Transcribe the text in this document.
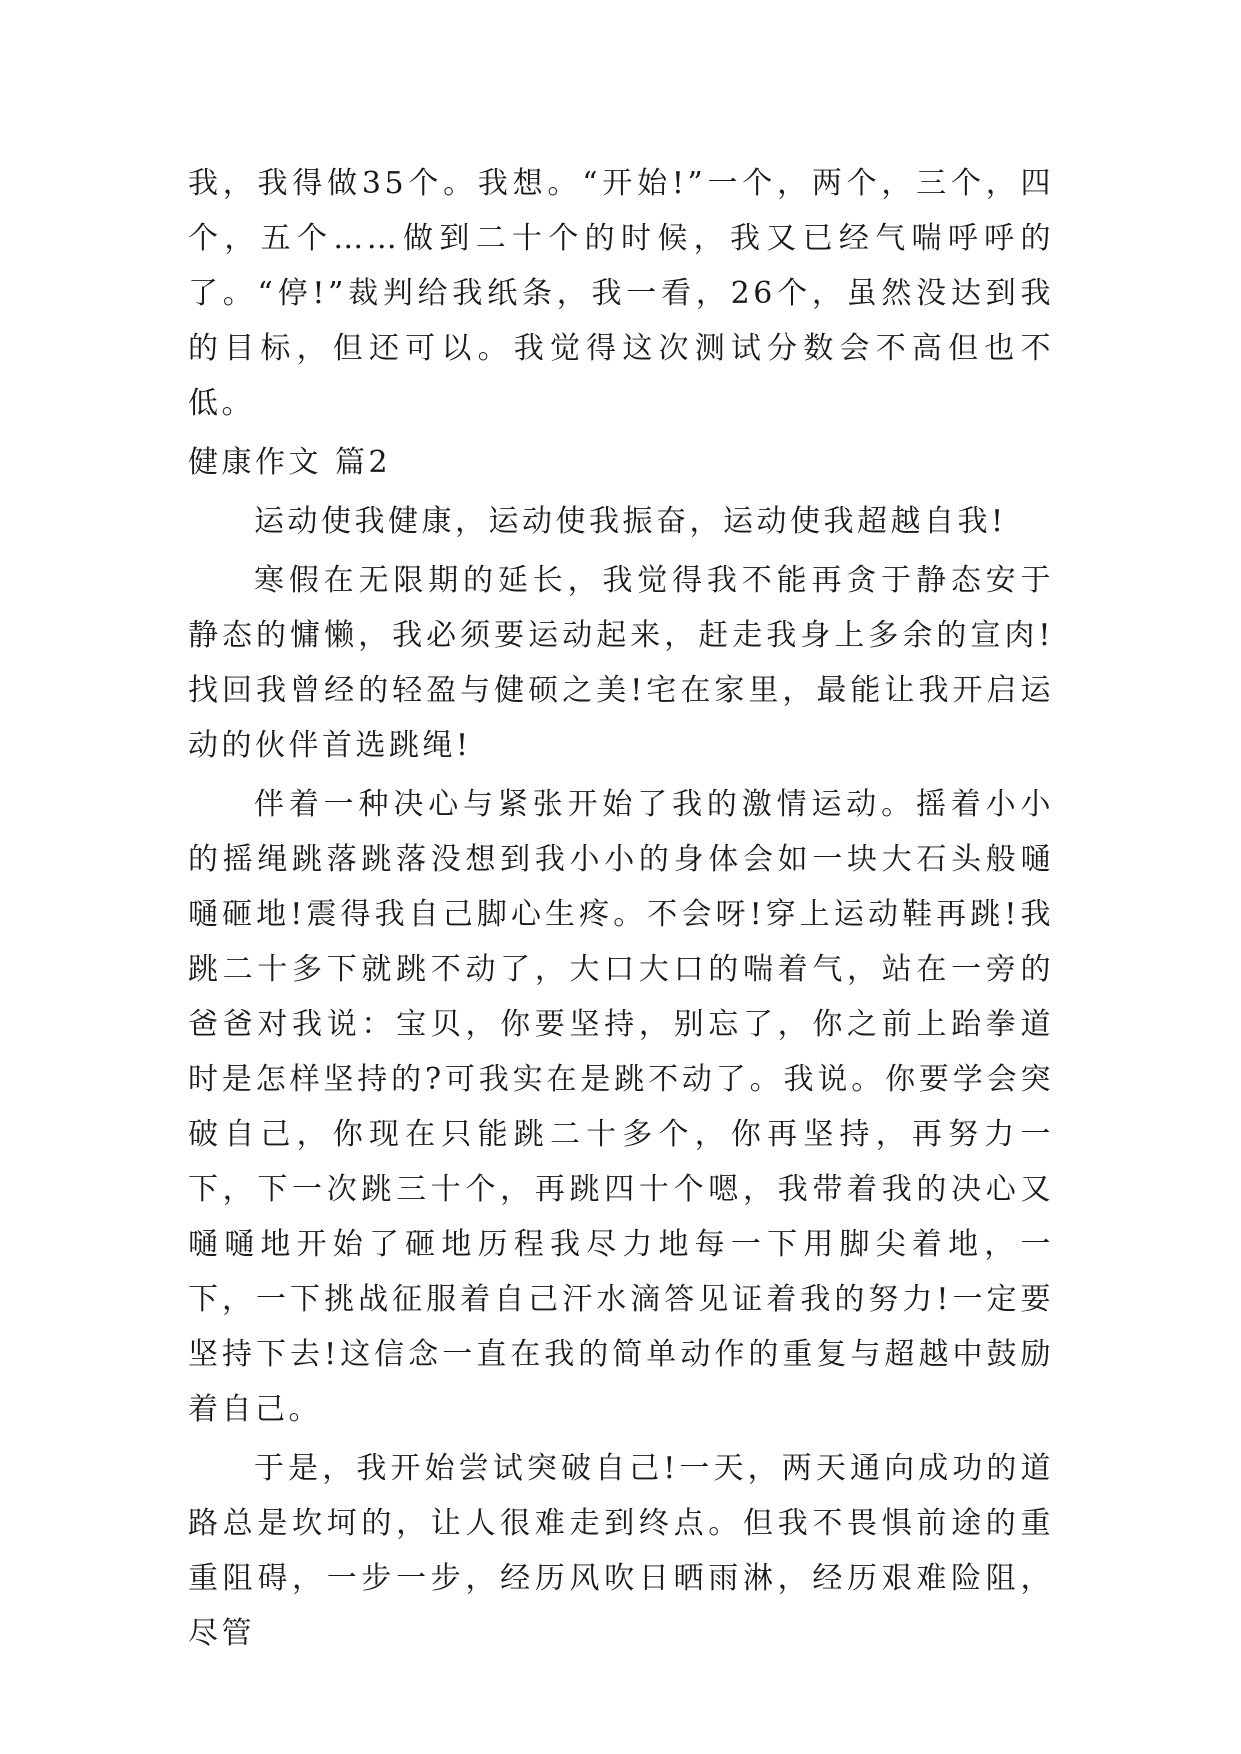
我，我得做35个。我想。“开始!”一个，两个，三个，四个，五个……做到二十个的时候，我又已经气喘呼呼的了。“停!”裁判给我纸条，我一看，26个，虽然没达到我的目标，但还可以。我觉得这次测试分数会不高但也不低。

健康作文 篇2

运动使我健康，运动使我振奋，运动使我超越自我!

寒假在无限期的延长，我觉得我不能再贪于静态安于静态的慵懒，我必须要运动起来，赶走我身上多余的宣肉!找回我曾经的轻盈与健硕之美!宅在家里，最能让我开启运动的伙伴首选跳绳!

伴着一种决心与紧张开始了我的激情运动。摇着小小的摇绳跳落跳落没想到我小小的身体会如一块大石头般嗵嗵砸地!震得我自己脚心生疼。不会呀!穿上运动鞋再跳!我跳二十多下就跳不动了，大口大口的喘着气，站在一旁的爸爸对我说：宝贝，你要坚持，别忘了，你之前上跆拳道时是怎样坚持的?可我实在是跳不动了。我说。你要学会突破自己，你现在只能跳二十多个，你再坚持，再努力一下，下一次跳三十个，再跳四十个嗯，我带着我的决心又嗵嗵地开始了砸地历程我尽力地每一下用脚尖着地，一下，一下挑战征服着自己汗水滴答见证着我的努力!一定要坚持下去!这信念一直在我的简单动作的重复与超越中鼓励着自己。

于是，我开始尝试突破自己!一天，两天通向成功的道路总是坎坷的，让人很难走到终点。但我不畏惧前途的重重阻碍，一步一步，经历风吹日晒雨淋，经历艰难险阻，尽管
